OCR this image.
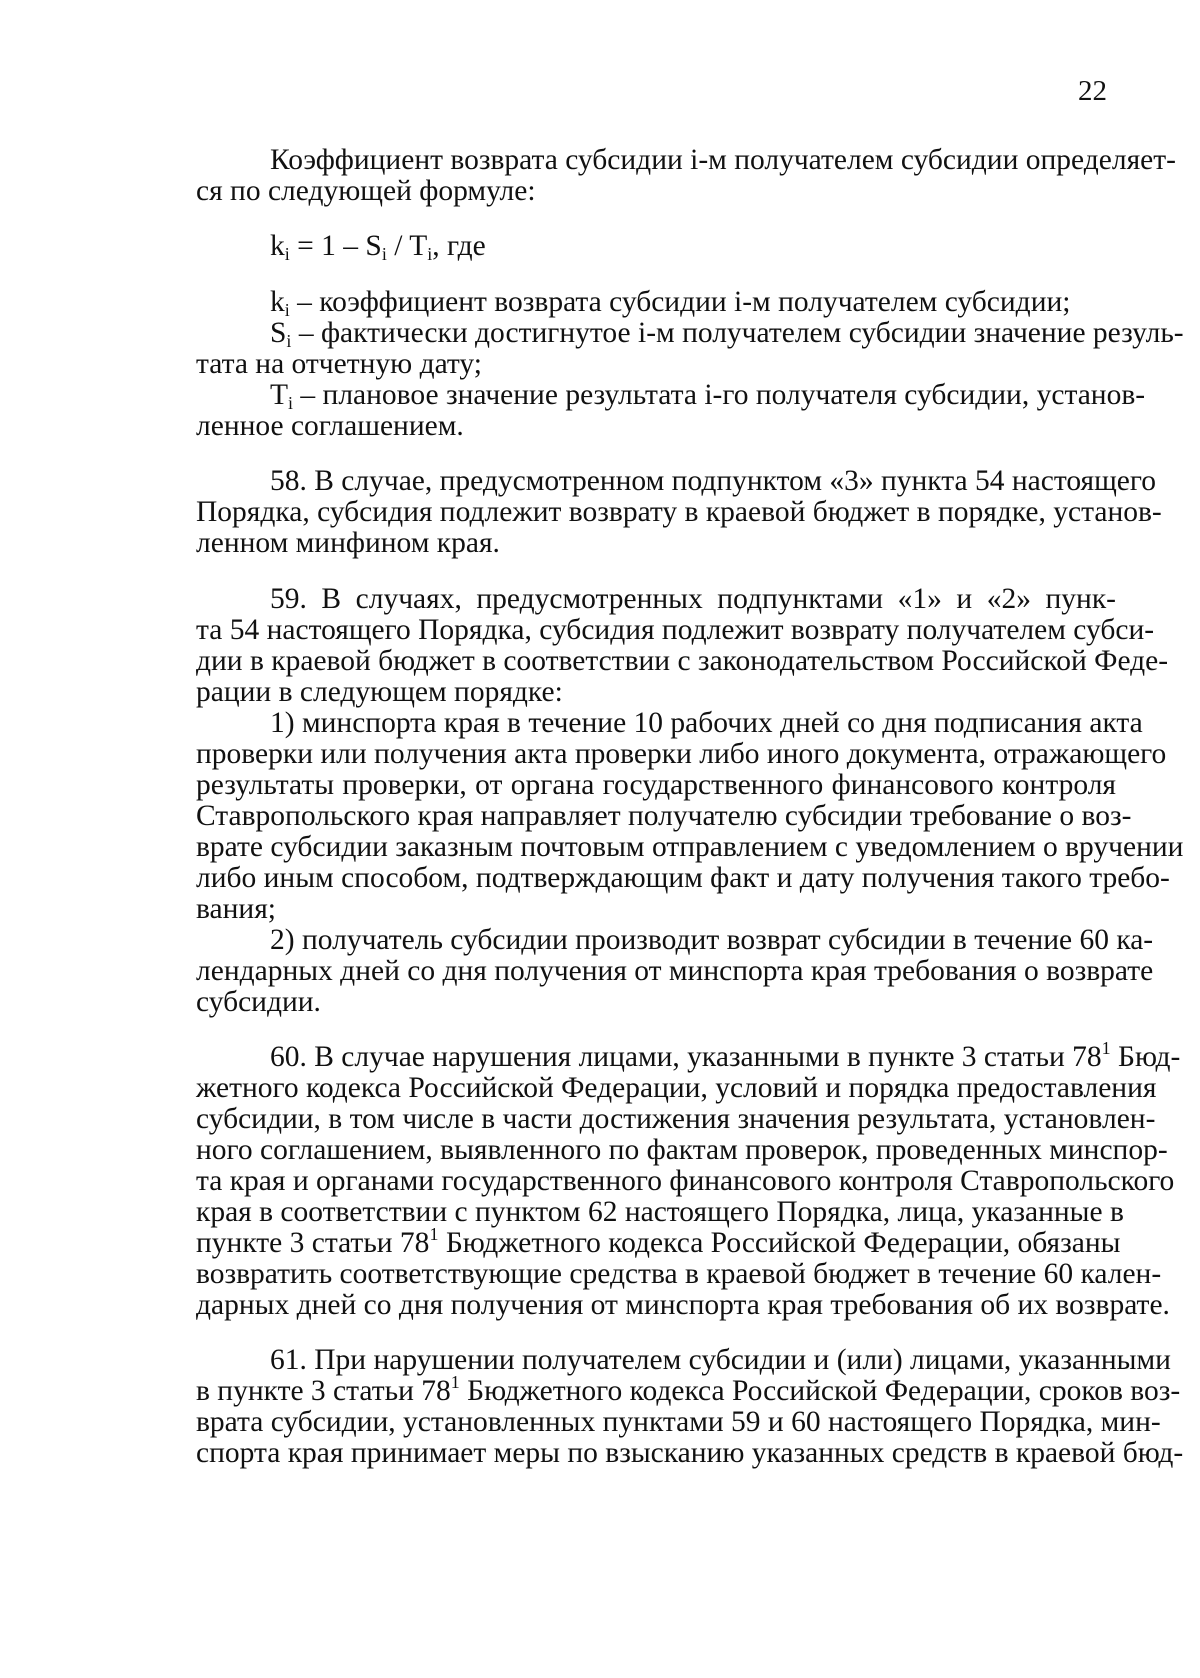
22
Коэффициент возврата субсидии i-м получателем субсидии определяет-
ся по следующей формуле:
$k_i = 1 - S_i / T_i$, где
$k_i$ – коэффициент возврата субсидии i-м получателем субсидии;
$S_i$ – фактически достигнутое i-м получателем субсидии значение резуль-
тата на отчетную дату;
$T_i$ – плановое значение результата i-го получателя субсидии, установ-
ленное соглашением.
58. В случае, предусмотренном подпунктом «3» пункта 54 настоящего
Порядка, субсидия подлежит возврату в краевой бюджет в порядке, установ-
ленном минфином края.
59. В случаях, предусмотренных подпунктами «1» и «2» пунк-
та 54 настоящего Порядка, субсидия подлежит возврату получателем субси-
дии в краевой бюджет в соответствии с законодательством Российской Феде-
рации в следующем порядке:
1) минспорта края в течение 10 рабочих дней со дня подписания акта
проверки или получения акта проверки либо иного документа, отражающего
результаты проверки, от органа государственного финансового контроля
Ставропольского края направляет получателю субсидии требование о воз-
врате субсидии заказным почтовым отправлением с уведомлением о вручении
либо иным способом, подтверждающим факт и дату получения такого требо-
вания;
2) получатель субсидии производит возврат субсидии в течение 60 ка-
лендарных дней со дня получения от минспорта края требования о возврате
субсидии.
60. В случае нарушения лицами, указанными в пункте 3 статьи $78^1$ Бюд-
жетного кодекса Российской Федерации, условий и порядка предоставления
субсидии, в том числе в части достижения значения результата, установлен-
ного соглашением, выявленного по фактам проверок, проведенных минспор-
та края и органами государственного финансового контроля Ставропольского
края в соответствии с пунктом 62 настоящего Порядка, лица, указанные в
пункте 3 статьи $78^1$ Бюджетного кодекса Российской Федерации, обязаны
возвратить соответствующие средства в краевой бюджет в течение 60 кален-
дарных дней со дня получения от минспорта края требования об их возврате.
61. При нарушении получателем субсидии и (или) лицами, указанными
в пункте 3 статьи $78^1$ Бюджетного кодекса Российской Федерации, сроков воз-
врата субсидии, установленных пунктами 59 и 60 настоящего Порядка, мин-
спорта края принимает меры по взысканию указанных средств в краевой бюд-
